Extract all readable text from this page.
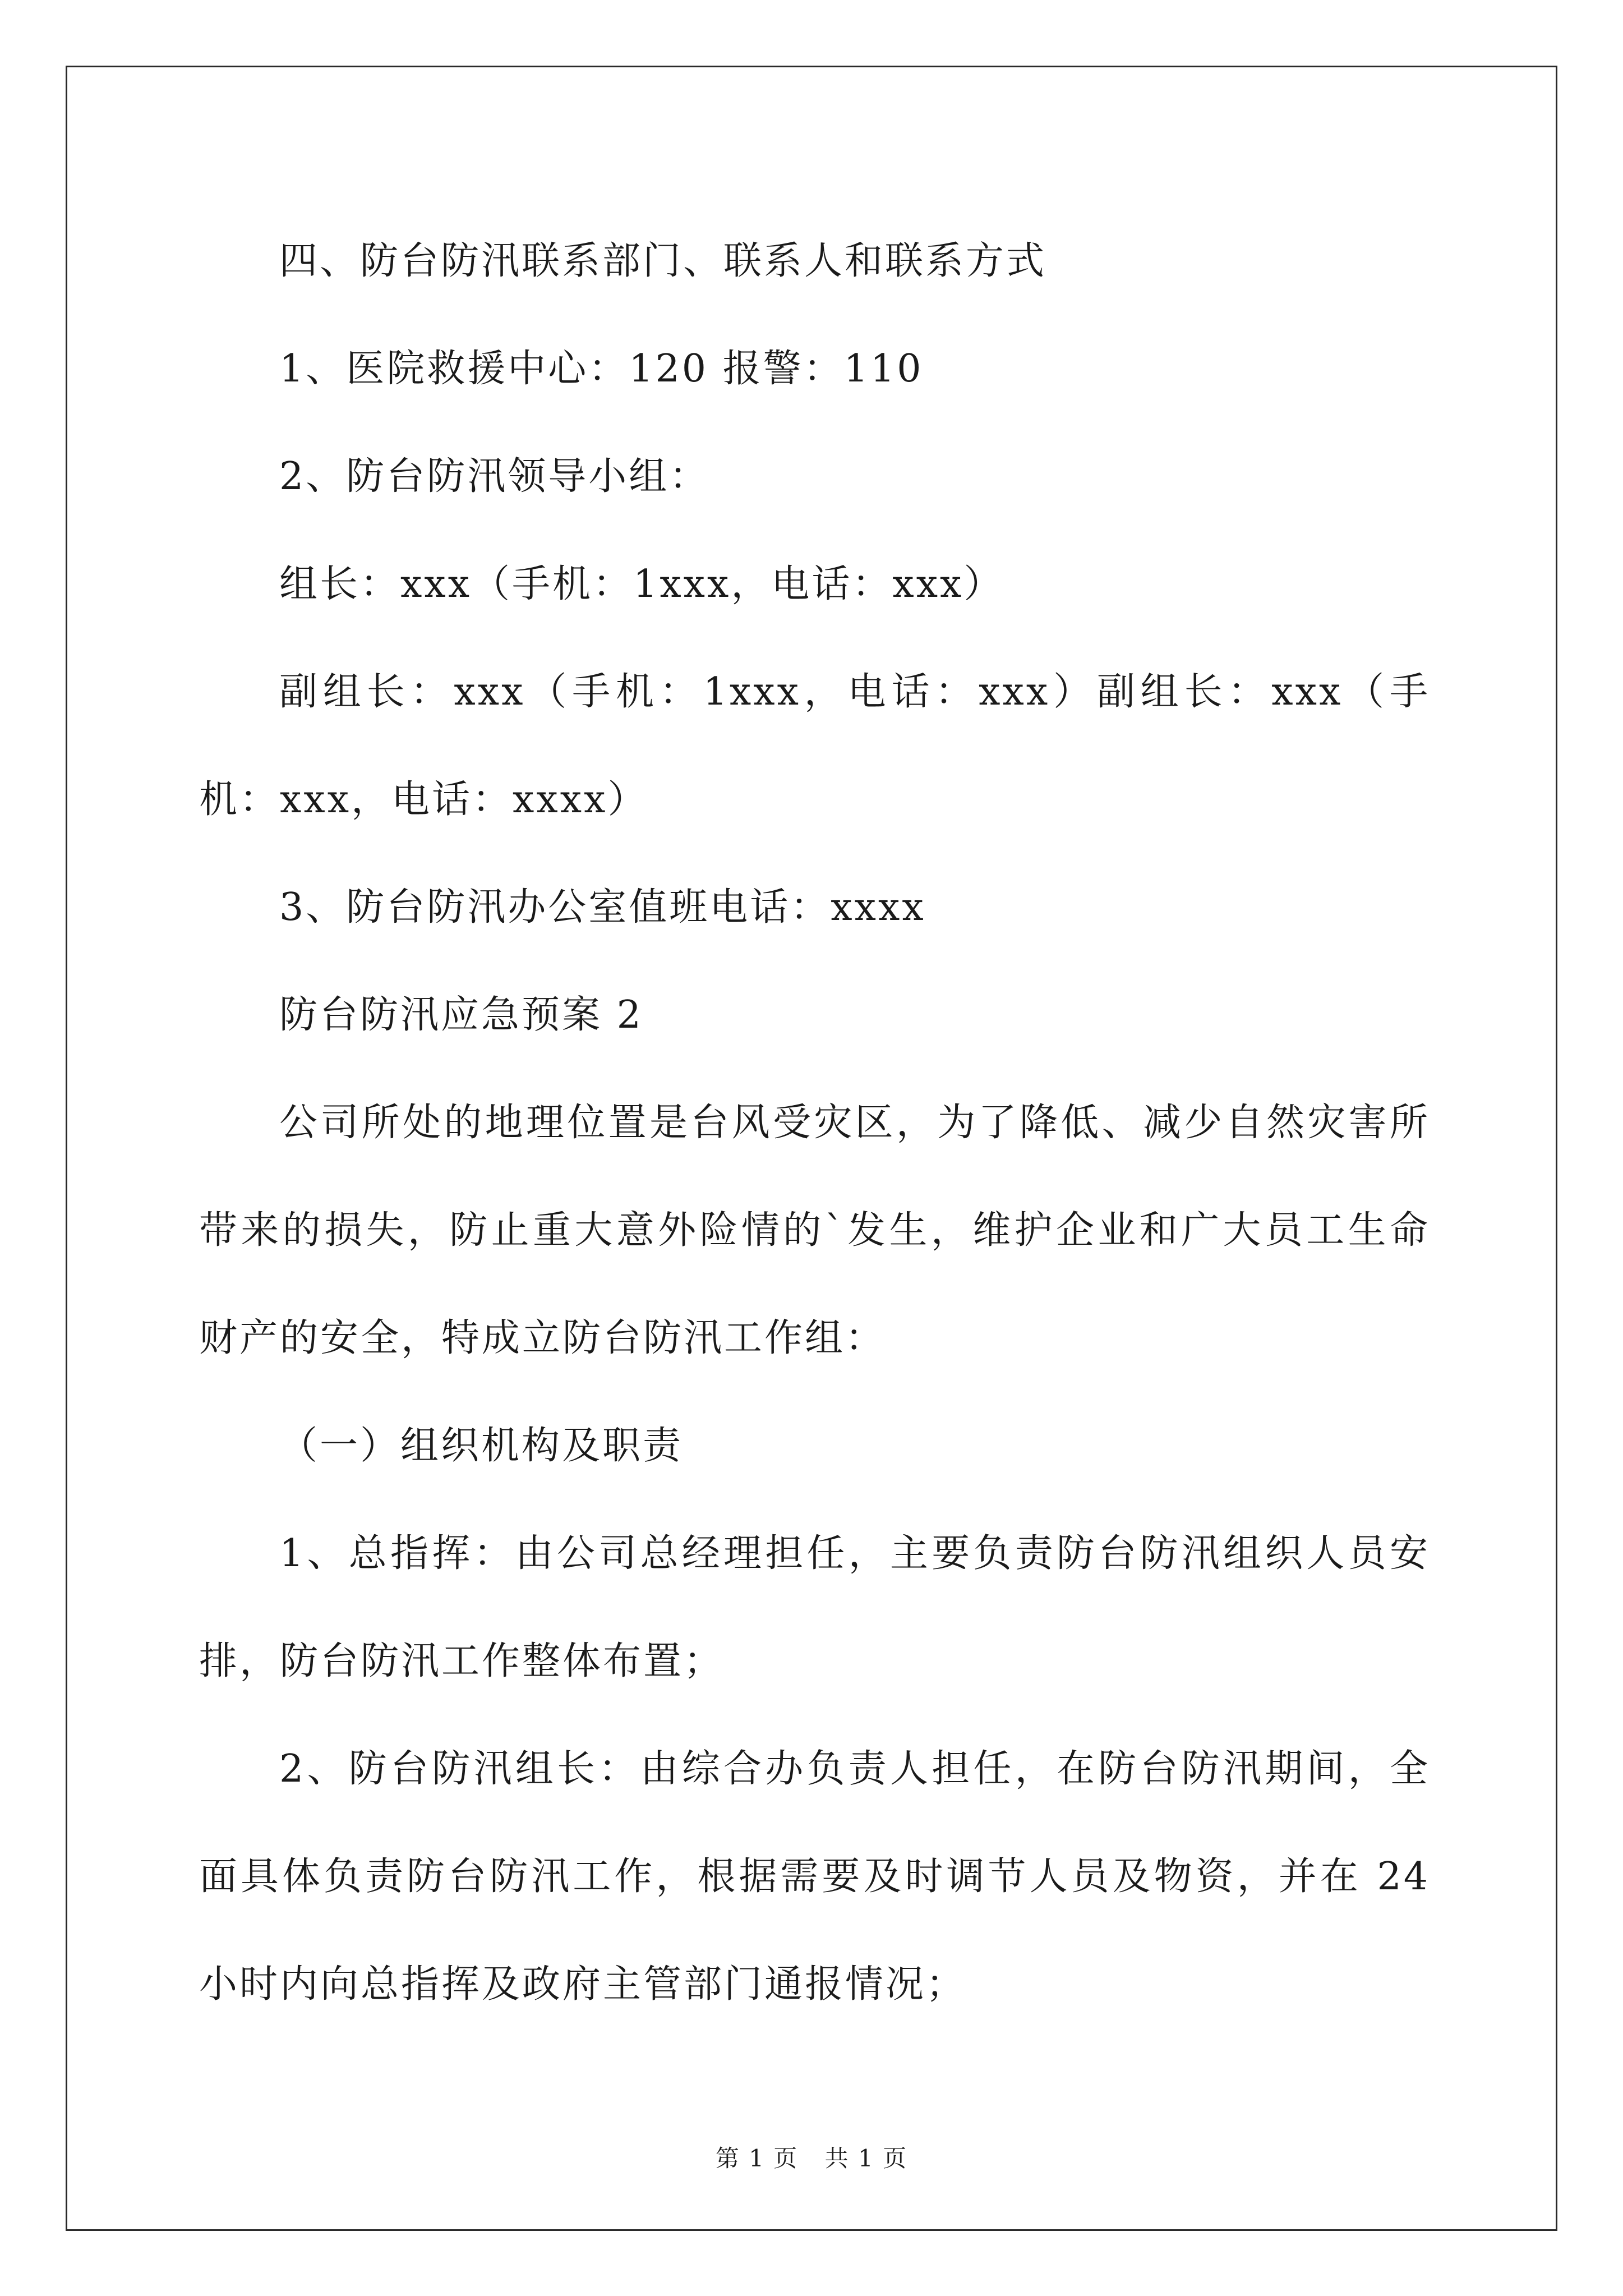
四、防台防汛联系部门、联系人和联系方式

1、医院救援中心：120 报警：110

2、防台防汛领导小组：

组长：xxx（手机：1xxx，电话：xxx）

副组长：xxx（手机：1xxx，电话：xxx）副组长：xxx（手机：xxx，电话：xxxx）

3、防台防汛办公室值班电话：xxxx

防台防汛应急预案 2

公司所处的地理位置是台风受灾区，为了降低、减少自然灾害所带来的损失，防止重大意外险情的`发生，维护企业和广大员工生命财产的安全，特成立防台防汛工作组：

（一）组织机构及职责

1、总指挥：由公司总经理担任，主要负责防台防汛组织人员安排，防台防汛工作整体布置；

2、防台防汛组长：由综合办负责人担任，在防台防汛期间，全面具体负责防台防汛工作，根据需要及时调节人员及物资，并在 24 小时内向总指挥及政府主管部门通报情况；

第 1 页 共 1 页
